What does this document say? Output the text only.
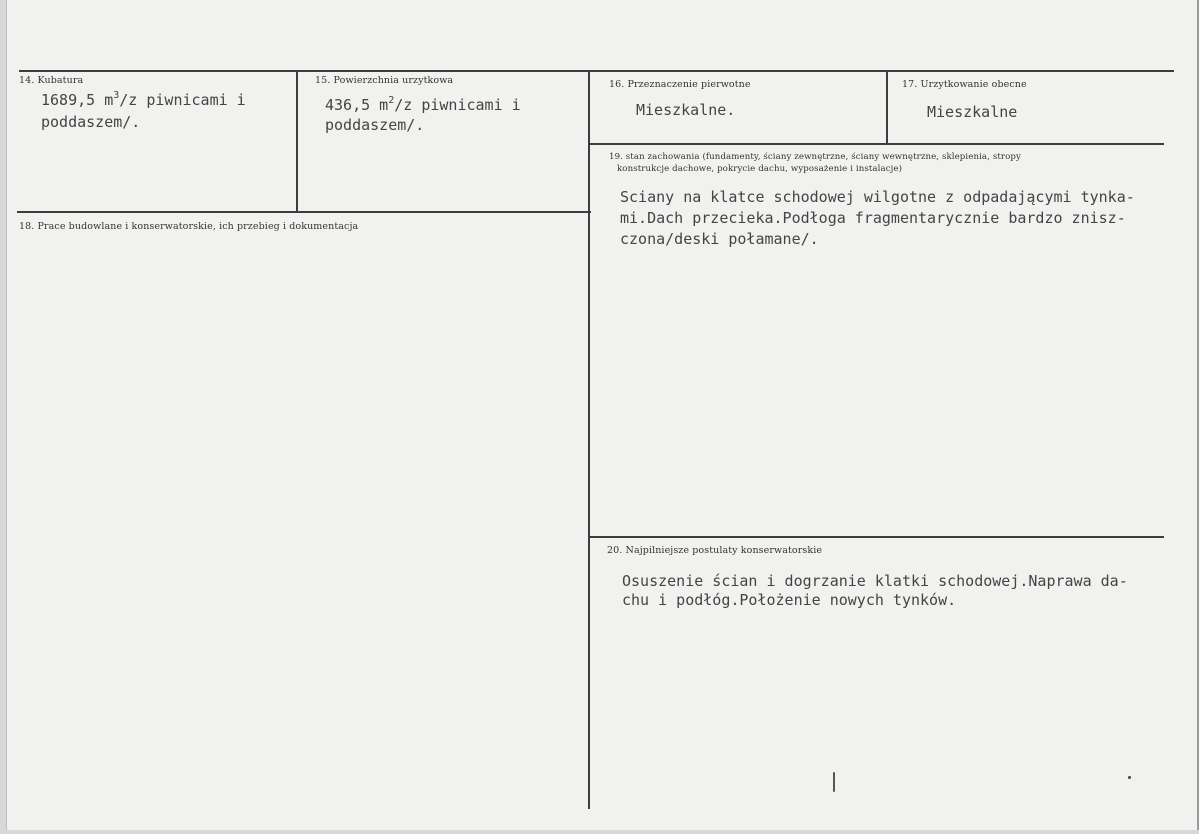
14. Kubatura
1689,5 $m^3/z$ piwnicami i
poddaszem/.
15. Powierzchnia urzytkowa
436,5 $m^2/z$ piwnicami i
poddaszem/.
16. Przeznaczenie pierwotne
Mieszkalne.
17. Urzytkowanie obecne
Mieszkalne
18. Prace budowlane i konserwatorskie, ich przebieg i dokumentacja
19. stan zachowania (fundamenty, ściany zewnętrzne, ściany wewnętrzne, sklepienia, stropy
konstrukcje dachowe, pokrycie dachu, wyposażenie i instalacje)
Sciany na klatce schodowej wilgotne z odpadającymi tynka-
mi.Dach przecieka.Podłoga fragmentarycznie bardzo znisz-
czona/deski połamane/.
20. Najpilniejsze postulaty konserwatorskie
Osuszenie ścian i dogrzanie klatki schodowej.Naprawa da-
chu i podłóg.Położenie nowych tynków.
